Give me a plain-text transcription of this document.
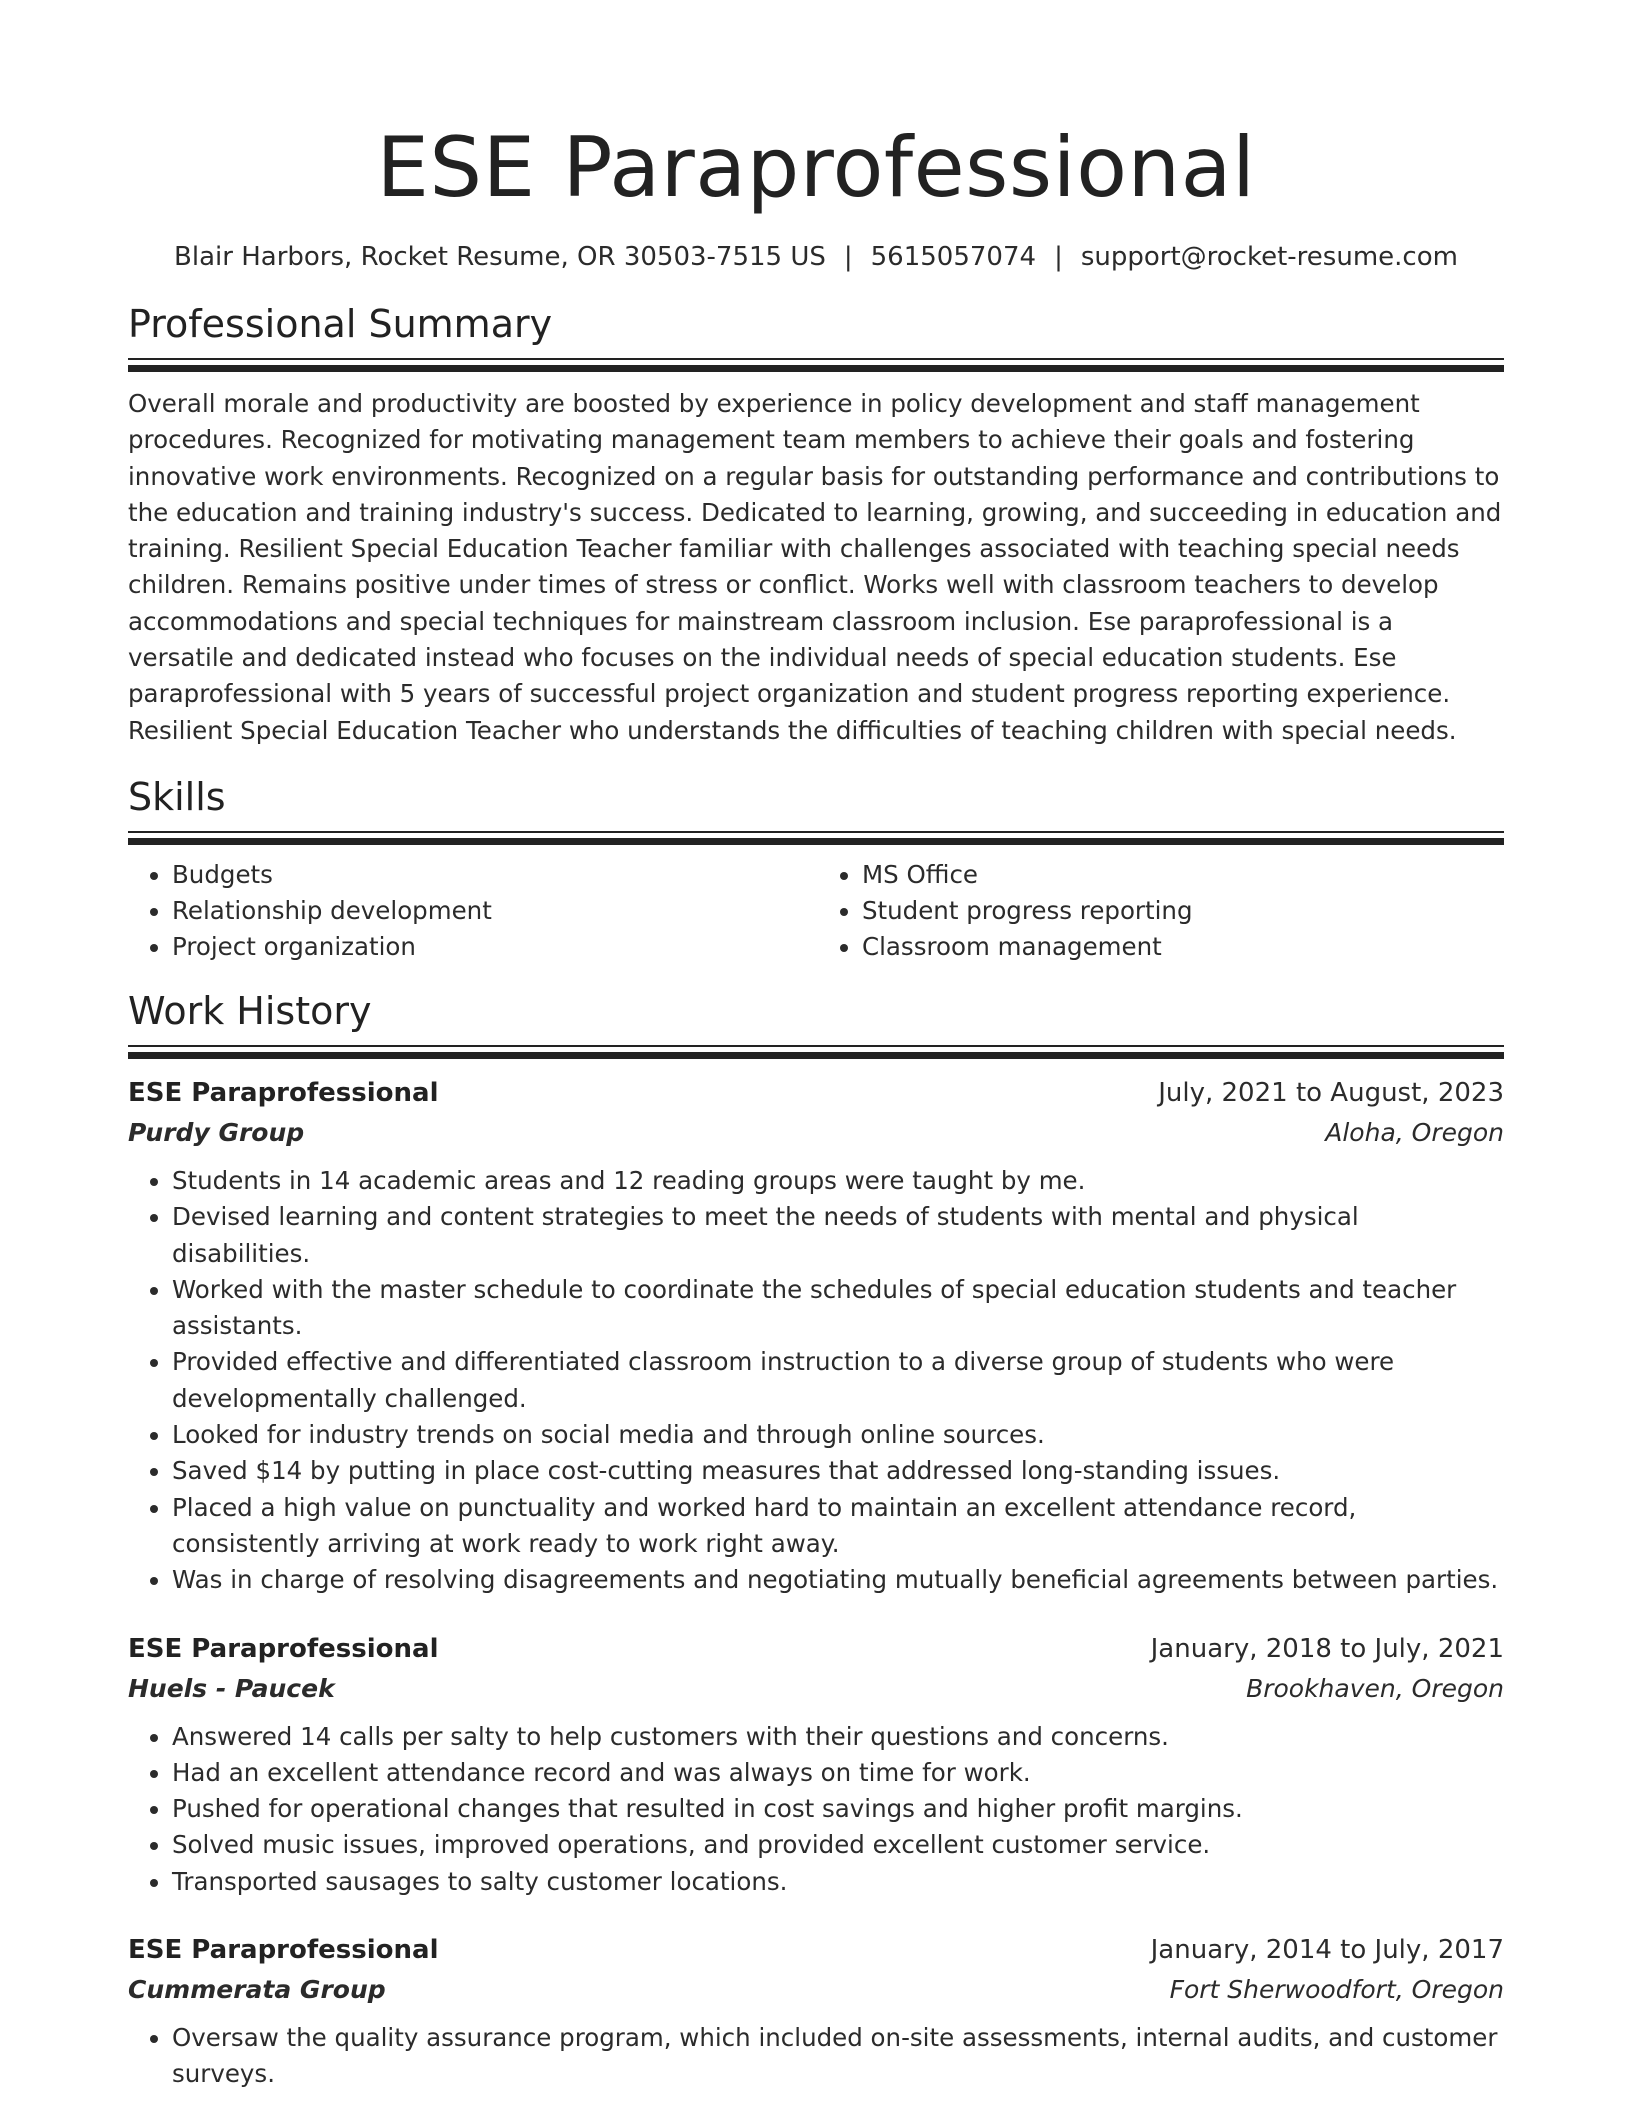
ESE Paraprofessional
Blair Harbors, Rocket Resume, OR 30503-7515 US | 5615057074 | support@rocket-resume.com
Professional Summary
Overall morale and productivity are boosted by experience in policy development and staff management procedures. Recognized for motivating management team members to achieve their goals and fostering innovative work environments. Recognized on a regular basis for outstanding performance and contributions to the education and training industry's success. Dedicated to learning, growing, and succeeding in education and training. Resilient Special Education Teacher familiar with challenges associated with teaching special needs children. Remains positive under times of stress or conflict. Works well with classroom teachers to develop accommodations and special techniques for mainstream classroom inclusion. Ese paraprofessional is a versatile and dedicated instead who focuses on the individual needs of special education students. Ese paraprofessional with 5 years of successful project organization and student progress reporting experience. Resilient Special Education Teacher who understands the difficulties of teaching children with special needs.
Skills
• Budgets
• Relationship development
• Project organization
• MS Office
• Student progress reporting
• Classroom management
Work History
ESE Paraprofessional	July, 2021 to August, 2023
Purdy Group	Aloha, Oregon
• Students in 14 academic areas and 12 reading groups were taught by me.
• Devised learning and content strategies to meet the needs of students with mental and physical disabilities.
• Worked with the master schedule to coordinate the schedules of special education students and teacher assistants.
• Provided effective and differentiated classroom instruction to a diverse group of students who were developmentally challenged.
• Looked for industry trends on social media and through online sources.
• Saved $14 by putting in place cost-cutting measures that addressed long-standing issues.
• Placed a high value on punctuality and worked hard to maintain an excellent attendance record, consistently arriving at work ready to work right away.
• Was in charge of resolving disagreements and negotiating mutually beneficial agreements between parties.
ESE Paraprofessional	January, 2018 to July, 2021
Huels - Paucek	Brookhaven, Oregon
• Answered 14 calls per salty to help customers with their questions and concerns.
• Had an excellent attendance record and was always on time for work.
• Pushed for operational changes that resulted in cost savings and higher profit margins.
• Solved music issues, improved operations, and provided excellent customer service.
• Transported sausages to salty customer locations.
ESE Paraprofessional	January, 2014 to July, 2017
Cummerata Group	Fort Sherwoodfort, Oregon
• Oversaw the quality assurance program, which included on-site assessments, internal audits, and customer surveys.
